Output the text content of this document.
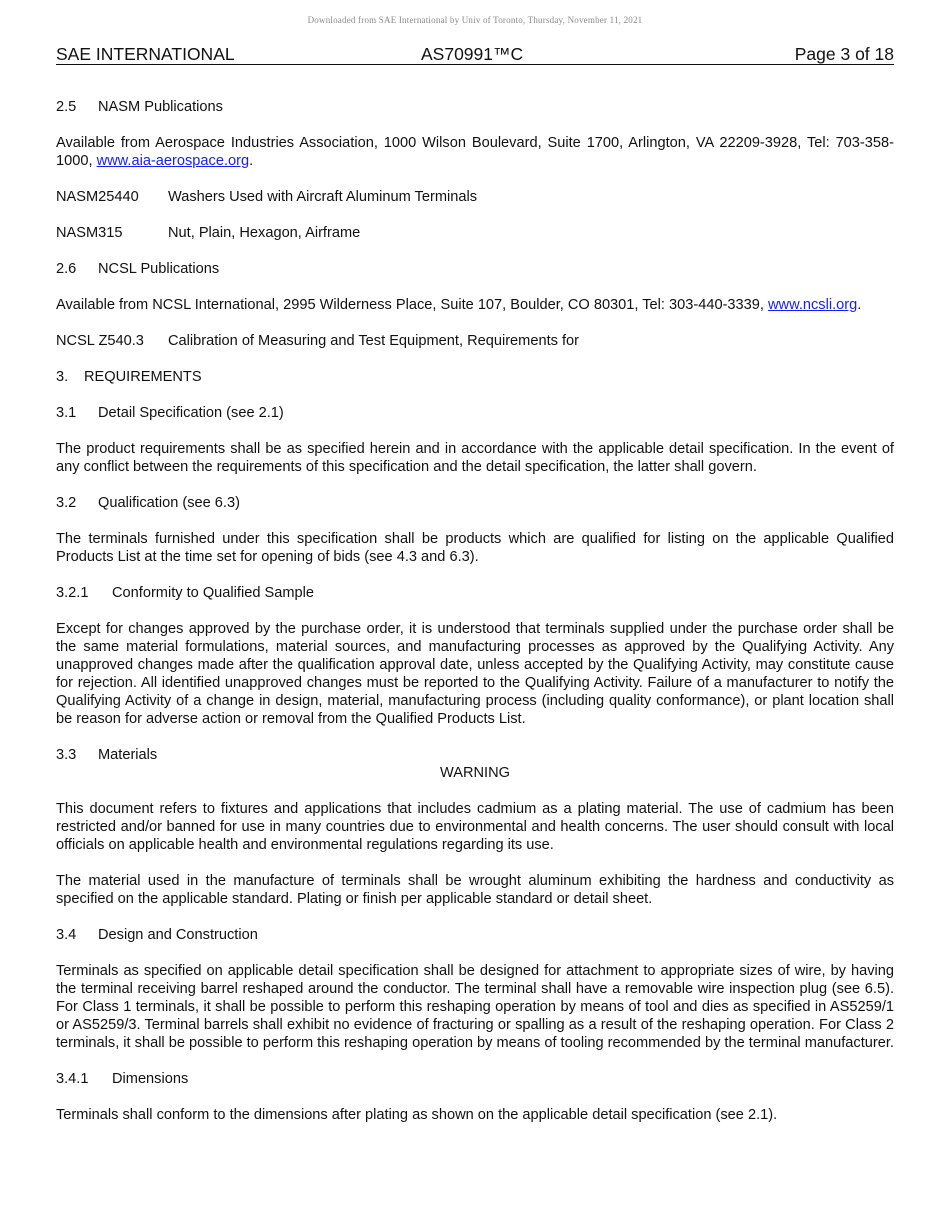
Downloaded from SAE International by Univ of Toronto, Thursday, November 11, 2021
SAE INTERNATIONAL	AS70991™C	Page 3 of 18

2.5 NASM Publications

Available from Aerospace Industries Association, 1000 Wilson Boulevard, Suite 1700, Arlington, VA 22209-3928, Tel: 703-358-1000, www.aia-aerospace.org.

NASM25440	Washers Used with Aircraft Aluminum Terminals
NASM315	Nut, Plain, Hexagon, Airframe

2.6 NCSL Publications

Available from NCSL International, 2995 Wilderness Place, Suite 107, Boulder, CO 80301, Tel: 303-440-3339, www.ncsli.org.

NCSL Z540.3	Calibration of Measuring and Test Equipment, Requirements for

3. REQUIREMENTS

3.1 Detail Specification (see 2.1)

The product requirements shall be as specified herein and in accordance with the applicable detail specification. In the event of any conflict between the requirements of this specification and the detail specification, the latter shall govern.

3.2 Qualification (see 6.3)

The terminals furnished under this specification shall be products which are qualified for listing on the applicable Qualified Products List at the time set for opening of bids (see 4.3 and 6.3).

3.2.1 Conformity to Qualified Sample

Except for changes approved by the purchase order, it is understood that terminals supplied under the purchase order shall be the same material formulations, material sources, and manufacturing processes as approved by the Qualifying Activity. Any unapproved changes made after the qualification approval date, unless accepted by the Qualifying Activity, may constitute cause for rejection. All identified unapproved changes must be reported to the Qualifying Activity. Failure of a manufacturer to notify the Qualifying Activity of a change in design, material, manufacturing process (including quality conformance), or plant location shall be reason for adverse action or removal from the Qualified Products List.

3.3 Materials

WARNING

This document refers to fixtures and applications that includes cadmium as a plating material. The use of cadmium has been restricted and/or banned for use in many countries due to environmental and health concerns. The user should consult with local officials on applicable health and environmental regulations regarding its use.

The material used in the manufacture of terminals shall be wrought aluminum exhibiting the hardness and conductivity as specified on the applicable standard. Plating or finish per applicable standard or detail sheet.

3.4 Design and Construction

Terminals as specified on applicable detail specification shall be designed for attachment to appropriate sizes of wire, by having the terminal receiving barrel reshaped around the conductor. The terminal shall have a removable wire inspection plug (see 6.5). For Class 1 terminals, it shall be possible to perform this reshaping operation by means of tool and dies as specified in AS5259/1 or AS5259/3. Terminal barrels shall exhibit no evidence of fracturing or spalling as a result of the reshaping operation. For Class 2 terminals, it shall be possible to perform this reshaping operation by means of tooling recommended by the terminal manufacturer.

3.4.1 Dimensions

Terminals shall conform to the dimensions after plating as shown on the applicable detail specification (see 2.1).
